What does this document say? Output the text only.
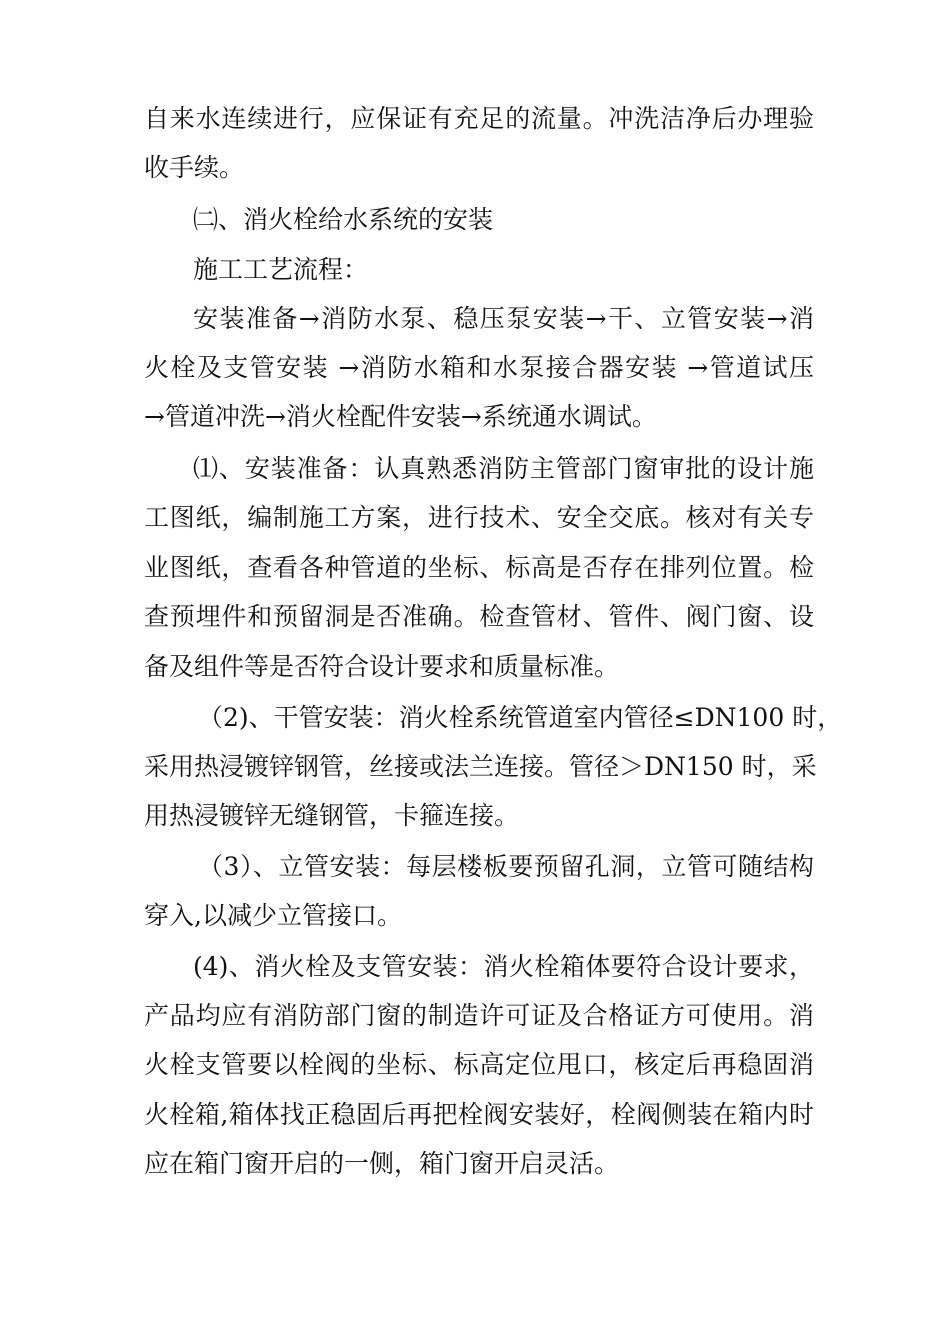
自来水连续进行，应保证有充足的流量。冲洗洁净后办理验
收手续。
㈡、消火栓给水系统的安装
施工工艺流程：
安装准备→消防水泵、稳压泵安装→干、立管安装→消
火栓及支管安装 →消防水箱和水泵接合器安装 →管道试压
→管道冲洗→消火栓配件安装→系统通水调试。
⑴、安装准备：认真熟悉消防主管部门窗审批的设计施
工图纸，编制施工方案，进行技术、安全交底。核对有关专
业图纸，查看各种管道的坐标、标高是否存在排列位置。检
查预埋件和预留洞是否准确。检查管材、管件、阀门窗、设
备及组件等是否符合设计要求和质量标准。
（2)、干管安装：消火栓系统管道室内管径≤DN100 时，
采用热浸镀锌钢管，丝接或法兰连接。管径＞DN150 时，采
用热浸镀锌无缝钢管，卡箍连接。
（3）、立管安装：每层楼板要预留孔洞，立管可随结构
穿入,以减少立管接口。
(4)、消火栓及支管安装：消火栓箱体要符合设计要求，
产品均应有消防部门窗的制造许可证及合格证方可使用。消
火栓支管要以栓阀的坐标、标高定位甩口，核定后再稳固消
火栓箱,箱体找正稳固后再把栓阀安装好，栓阀侧装在箱内时
应在箱门窗开启的一侧，箱门窗开启灵活。
